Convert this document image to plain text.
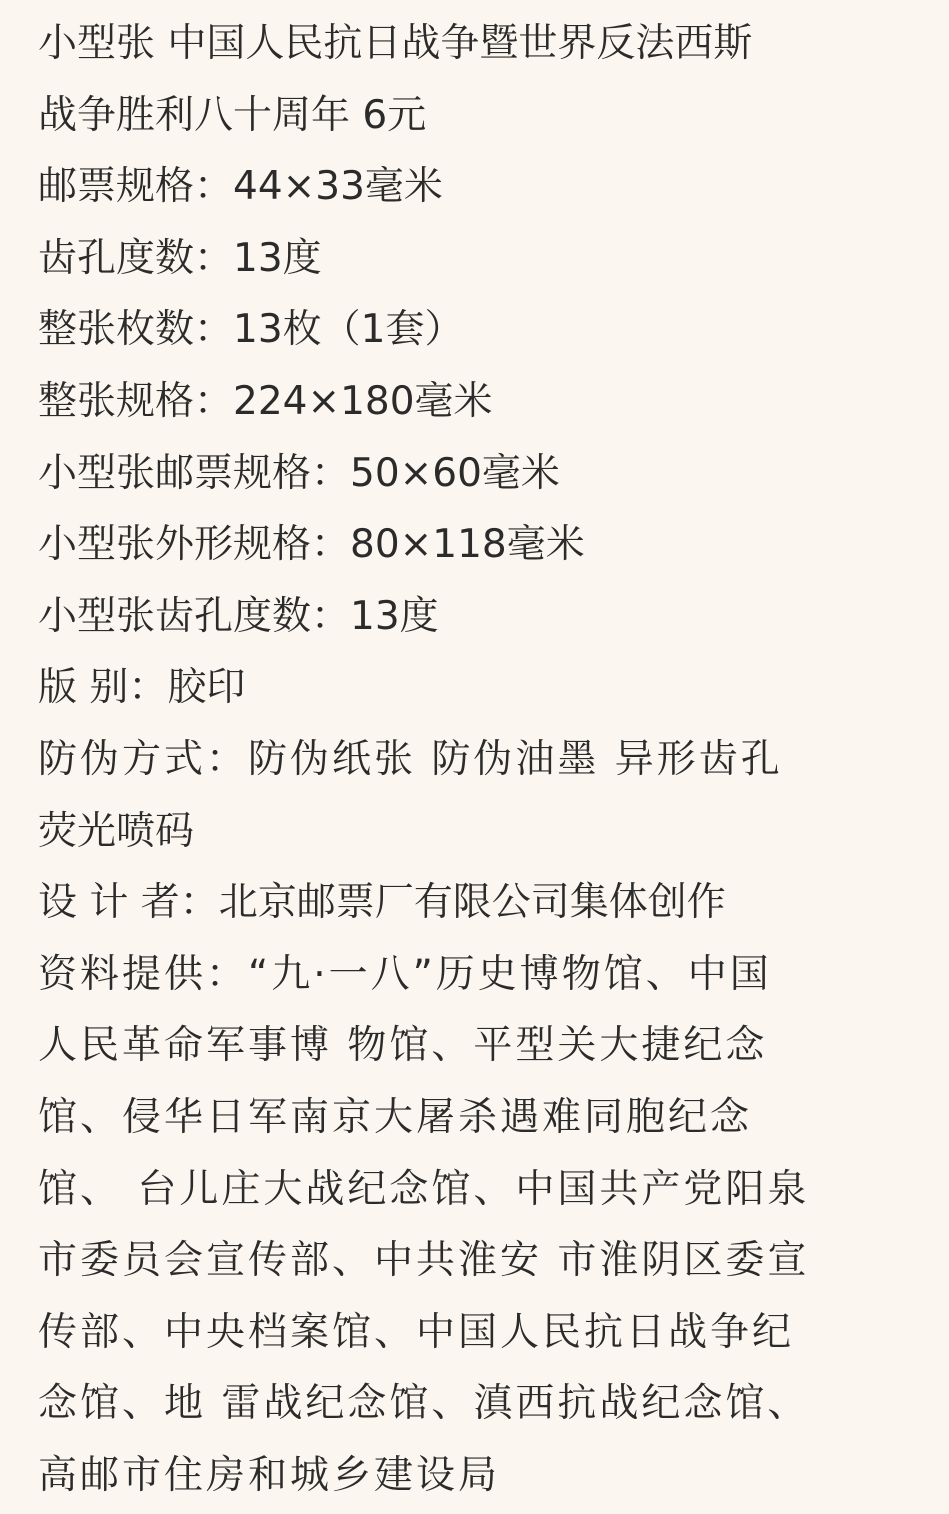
小型张 中国人民抗日战争暨世界反法西斯
战争胜利八十周年 6元
邮票规格：44×33毫米
齿孔度数：13度
整张枚数：13枚（1套）
整张规格：224×180毫米
小型张邮票规格：50×60毫米
小型张外形规格：80×118毫米
小型张齿孔度数：13度
版 别：胶印
防伪方式：防伪纸张 防伪油墨 异形齿孔
荧光喷码
设 计 者：北京邮票厂有限公司集体创作
资料提供：“九·一八”历史博物馆、中国
人民革命军事博 物馆、平型关大捷纪念
馆、侵华日军南京大屠杀遇难同胞纪念
馆、 台儿庄大战纪念馆、中国共产党阳泉
市委员会宣传部、中共淮安 市淮阴区委宣
传部、中央档案馆、中国人民抗日战争纪
念馆、地 雷战纪念馆、滇西抗战纪念馆、
高邮市住房和城乡建设局
